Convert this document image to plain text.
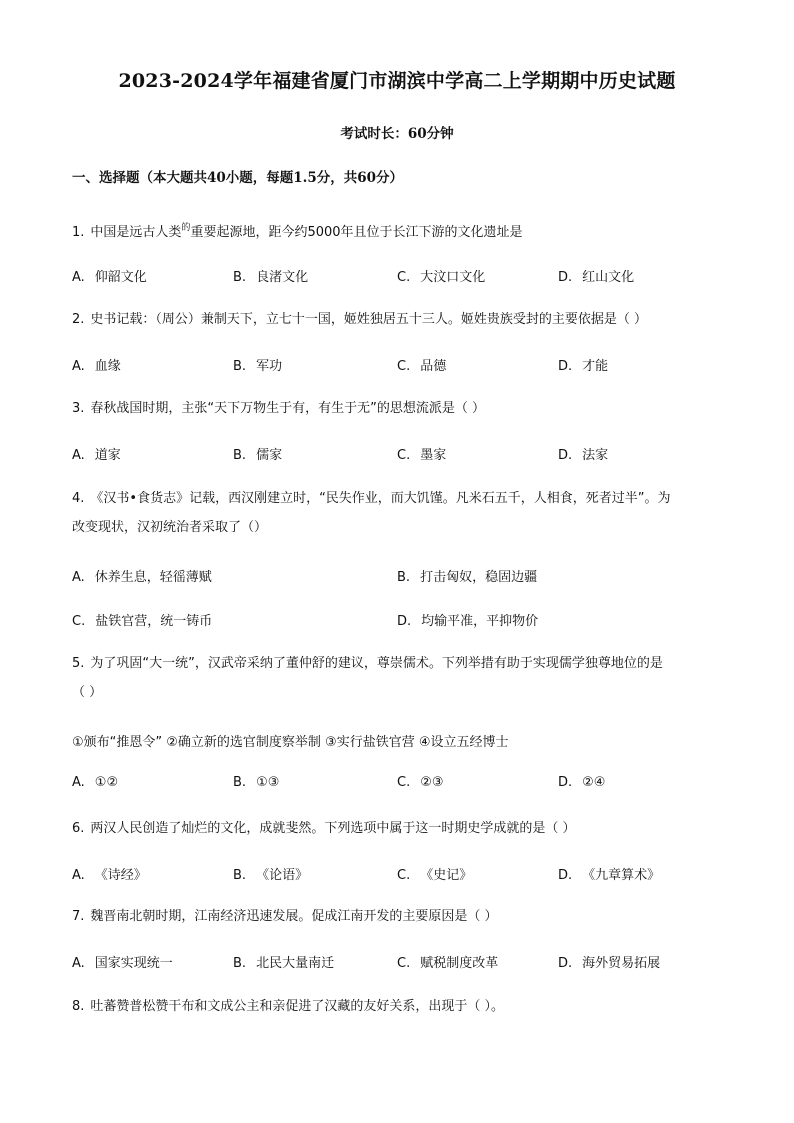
2023-2024学年福建省厦门市湖滨中学高二上学期期中历史试题
考试时长：60分钟
一、选择题（本大题共40小题，每题1.5分，共60分）
1. 中国是远古人类$^的$重要起源地，距今约5000年且位于长江下游的文化遗址是
A. 仰韶文化	B. 良渚文化	C. 大汶口文化	D. 红山文化
2. 史书记载：（周公）兼制天下，立七十一国，姬姓独居五十三人。姬姓贵族受封的主要依据是（ ）
A. 血缘	B. 军功	C. 品德	D. 才能
3. 春秋战国时期，主张“天下万物生于有，有生于无”的思想流派是（ ）
A. 道家	B. 儒家	C. 墨家	D. 法家
4. 《汉书•食货志》记载，西汉刚建立时，“民失作业，而大饥馑。凡米石五千，人相食，死者过半”。为
改变现状，汉初统治者采取了（）
A. 休养生息，轻徭薄赋	B. 打击匈奴，稳固边疆
C. 盐铁官营，统一铸币	D. 均输平准，平抑物价
5. 为了巩固“大一统”，汉武帝采纳了董仲舒的建议，尊崇儒术。下列举措有助于实现儒学独尊地位的是
（ ）
①颁布“推恩令” ②确立新的选官制度察举制 ③实行盐铁官营 ④设立五经博士
A. ①②	B. ①③	C. ②③	D. ②④
6. 两汉人民创造了灿烂的文化，成就斐然。下列选项中属于这一时期史学成就的是（ ）
A. 《诗经》	B. 《论语》	C. 《史记》	D. 《九章算术》
7. 魏晋南北朝时期，江南经济迅速发展。促成江南开发的主要原因是（ ）
A. 国家实现统一	B. 北民大量南迁	C. 赋税制度改革	D. 海外贸易拓展
8. 吐蕃赞普松赞干布和文成公主和亲促进了汉藏的友好关系，出现于（ ）。
